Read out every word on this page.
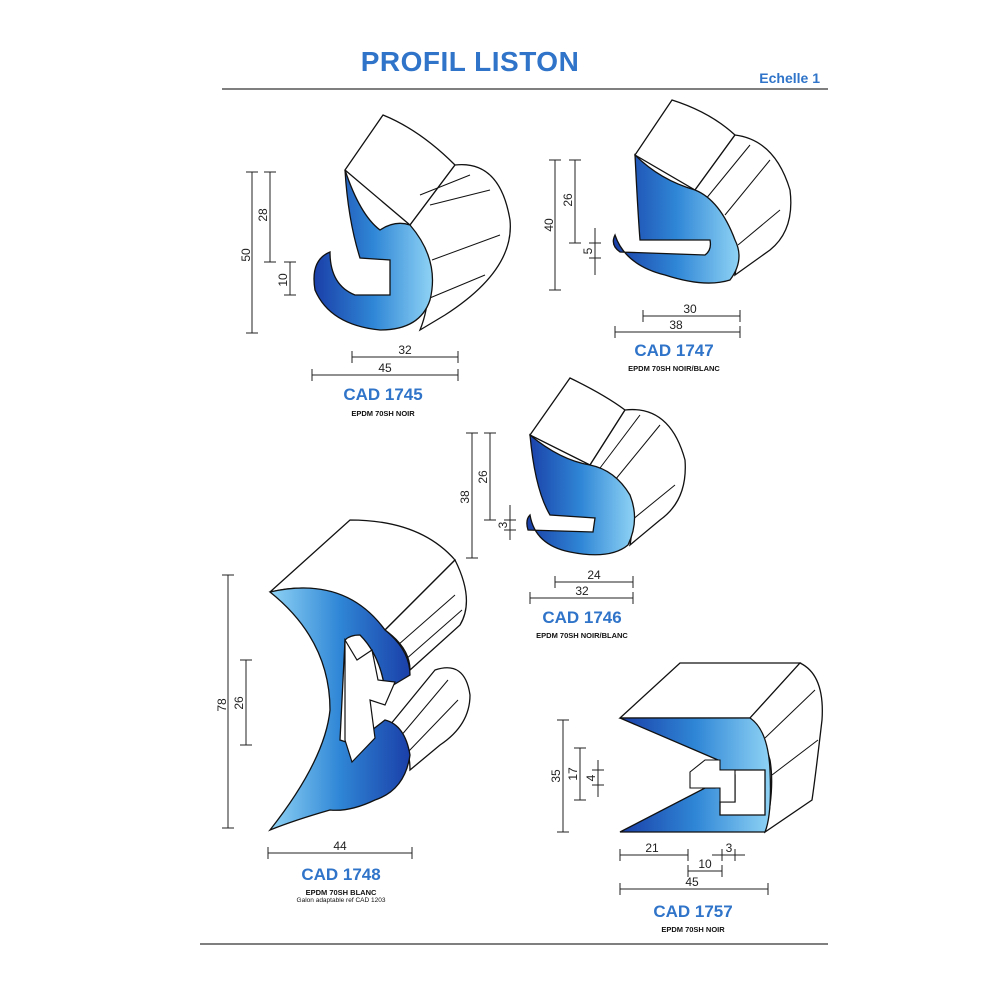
50
28
10
32
45
40
26
5
30
38
38
26
3
24
32
78 26
44
35 17 4
21	3
10
45
PROFIL LISTON
Echelle 1
CAD 1745
EPDM 70SH NOIR
CAD 1747
EPDM 70SH NOIR/BLANC
CAD 1746
EPDM 70SH NOIR/BLANC
CAD 1748
EPDM 70SH BLANC
Galon adaptable ref CAD 1203
CAD 1757
EPDM 70SH NOIR
